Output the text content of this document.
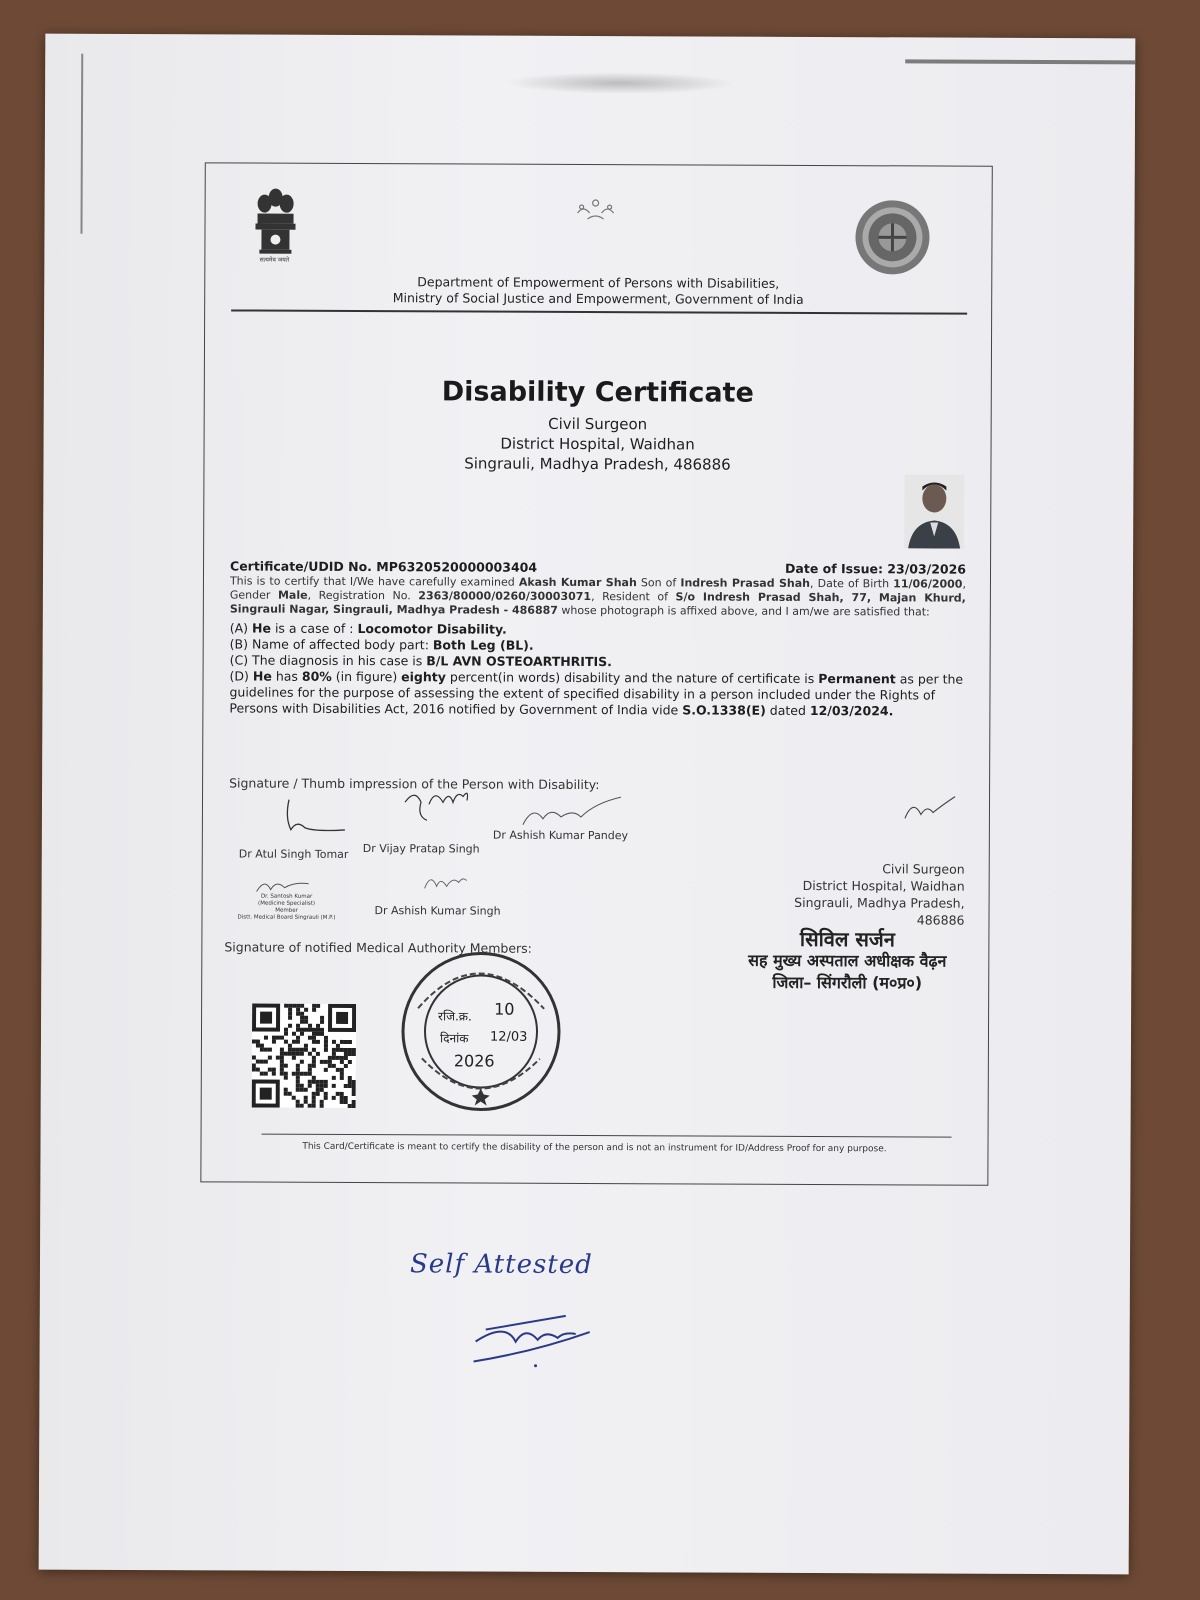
सत्यमेव जयते
Department of Empowerment of Persons with Disabilities,
Ministry of Social Justice and Empowerment, Government of India
Disability Certificate
Civil Surgeon
District Hospital, Waidhan
Singrauli, Madhya Pradesh, 486886
Certificate/UDID No. MP6320520000003404	Date of Issue: 23/03/2026
This is to certify that I/We have carefully examined Akash Kumar Shah Son of Indresh Prasad Shah, Date of Birth 11/06/2000, Gender Male, Registration No. 2363/80000/0260/30003071, Resident of S/o Indresh Prasad Shah, 77, Majan Khurd, Singrauli Nagar, Singrauli, Madhya Pradesh - 486887 whose photograph is affixed above, and I am/we are satisfied that:
(A) He is a case of : Locomotor Disability.
(B) Name of affected body part: Both Leg (BL).
(C) The diagnosis in his case is B/L AVN OSTEOARTHRITIS.
(D) He has 80% (in figure) eighty percent(in words) disability and the nature of certificate is Permanent as per the guidelines for the purpose of assessing the extent of specified disability in a person included under the Rights of Persons with Disabilities Act, 2016 notified by Government of India vide S.O.1338(E) dated 12/03/2024.
Signature / Thumb impression of the Person with Disability:
Dr Atul Singh Tomar Dr Vijay Pratap Singh
Dr Ashish Kumar Pandey
Dr. Santosh Kumar
(Medicine Specialist)
Member
Distt. Medical Board Singrauli (M.P.)
Dr Ashish Kumar Singh
Civil Surgeon
District Hospital, Waidhan
Singrauli, Madhya Pradesh,
486886
सिविल सर्जन
सह मुख्य अस्पताल अधीक्षक वैढ़न
जिला– सिंगरौली (म०प्र०)
Signature of notified Medical Authority Members:
रजि.क्र. 10
दिनांक 12/03
2026
This Card/Certificate is meant to certify the disability of the person and is not an instrument for ID/Address Proof for any purpose.
Self Attested
